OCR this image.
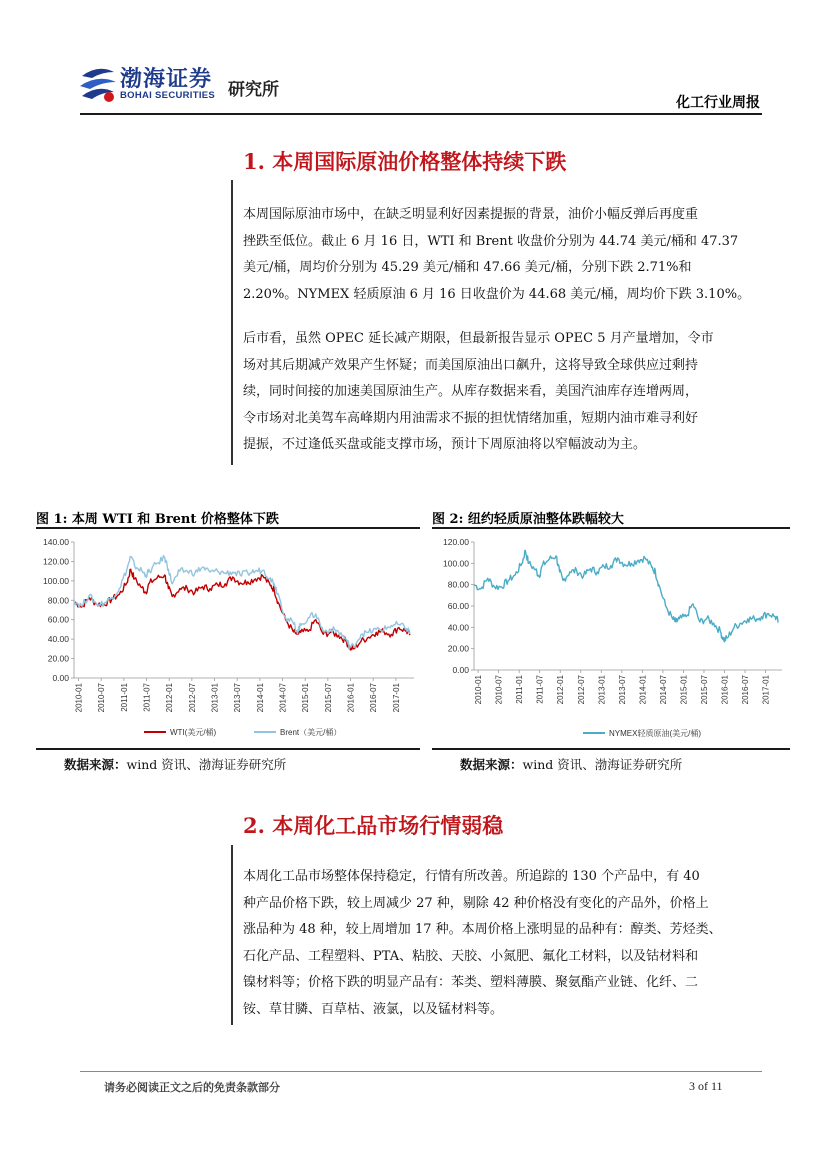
渤海证券
BOHAI SECURITIES 研究所
化工行业周报
1. 本周国际原油价格整体持续下跌
本周国际原油市场中，在缺乏明显利好因素提振的背景，油价小幅反弹后再度重
挫跌至低位。截止 6 月 16 日，WTI 和 Brent 收盘价分别为 44.74 美元/桶和 47.37
美元/桶，周均价分别为 45.29 美元/桶和 47.66 美元/桶，分别下跌 2.71%和
2.20%。NYMEX 轻质原油 6 月 16 日收盘价为 44.68 美元/桶，周均价下跌 3.10%。
后市看，虽然 OPEC 延长减产期限，但最新报告显示 OPEC 5 月产量增加，令市
场对其后期减产效果产生怀疑；而美国原油出口飙升，这将导致全球供应过剩持
续，同时间接的加速美国原油生产。从库存数据来看，美国汽油库存连增两周，
令市场对北美驾车高峰期内用油需求不振的担忧情绪加重，短期内油市难寻利好
提振，不过逢低买盘或能支撑市场，预计下周原油将以窄幅波动为主。
图 1: 本周 WTI 和 Brent 价格整体下跌	图 2: 纽约轻质原油整体跌幅较大
140.00
120.00
100.00
80.00
60.00
40.00
20.00
0.00
2010-01 2010-07 2011-01 2011-07 2012-01 2012-07 2013-01 2013-07 2014-01 2014-07 2015-01 2015-07 2016-01 2016-07 2017-01
WTI(美元/桶)	Brent（美元/桶）
120.00
100.00
80.00
60.00
40.00
20.00
0.00
2010-01 2010-07 2011-01 2011-07 2012-01 2012-07 2013-01 2013-07 2014-01 2014-07 2015-01 2015-07 2016-01 2016-07 2017-01
NYMEX轻质原油(美元/桶)
数据来源：wind 资讯、渤海证券研究所	数据来源：wind 资讯、渤海证券研究所
2. 本周化工品市场行情弱稳
本周化工品市场整体保持稳定，行情有所改善。所追踪的 130 个产品中，有 40
种产品价格下跌，较上周减少 27 种，剔除 42 种价格没有变化的产品外，价格上
涨品种为 48 种，较上周增加 17 种。本周价格上涨明显的品种有：醇类、芳烃类、
石化产品、工程塑料、PTA、粘胶、天胶、小氮肥、氟化工材料，以及钴材料和
镍材料等；价格下跌的明显产品有：苯类、塑料薄膜、聚氨酯产业链、化纤、二
铵、草甘膦、百草枯、液氯，以及锰材料等。
请务必阅读正文之后的免责条款部分	3 of 11
